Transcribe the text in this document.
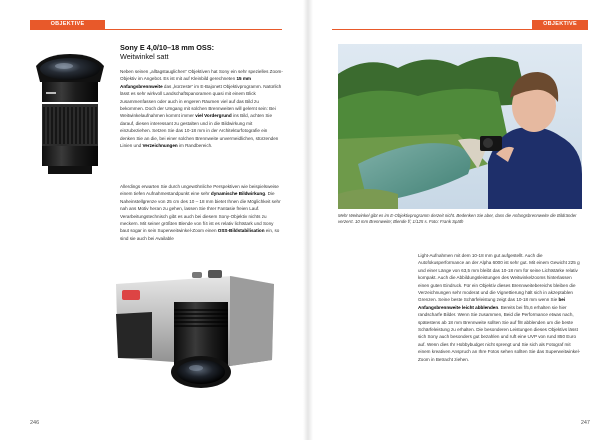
OBJEKTIVE
Sony E 4,0/10–18 mm OSS:
Weitwinkel satt

Neben seinen „alltagstauglichen“ Objektiven hat Sony ein sehr spezielles Zoom-Objektiv im Angebot. Es ist mit auf Kleinbild gerechneten 15 mm Anfangsbrennweite das „kürzeste“ im E-Bajonett Objektivprogramm. Natürlich lässt es sehr wirkvoll Landschaftspanoramen quasi mit einem Blick zusammenfassen oder auch in engeren Räumen viel auf das Bild zu bekommen. Doch der Umgang mit solchen Brennweiten will gelernt sein: Bei Weitwinkelaufnahmen kommt immer viel Vordergrund ins Bild, achten Sie darauf, diesen interessant zu gestalten und in die Bildwirkung mit einzubeziehen. Setzen Sie das 10-18 mm in der Architekturfotografie ein denken Sie an die, bei einer solchen Brennweite unvermeidlichen, stürzenden Linien und Verzeichnungen im Randbereich.

Allerdings erwarten Sie durch ungewöhnliche Perspektiven wie beispielsweise einem tiefen Aufnahmestandpunkt eine sehr dynamische Bildwirkung. Die Naheinstellgrenze von 25 cm des 10 – 18 mm bietet Ihnen die Möglichkeit sehr nah ans Motiv heran zu gehen, lassen Sie Ihrer Fantasie freien Lauf. Verarbeitungstechnisch gibt es auch bei diesem Sony-Objektiv nichts zu meckern. Mit seiner größten Blende von f/4 ist es relativ lichtstark und Sony baut sogar in sein Superweitwinkel-Zoom einen OSS-Bildstabilisation ein, so sind sie auch bei Available

246
OBJEKTIVE
247
Mehr Weitwinkel gibt es im E-Objektivprogramm derzeit nicht. Bedenken Sie aber, dass die Anfangsbrennweite die Bildränder verzerrt. 10 mm Brennweite; Blende f/; 1/125 s. Foto: Frank Späth

Light-Aufnahmen mit dem 10-18 mm gut aufgestellt. Auch die Autofokusperformance an der Alpha 6000 ist sehr gut. Mit einem Gewicht 225 g und einer Länge von 63,5 mm bleibt das 10-18 mm für seine Lichtstärke relativ kompakt. Auch die Abbildungsleistungen des Weitwinkelzooms hinterlassen einen guten Eindruck. Für ein Objektiv dieses Brennweitebereichs bleiben die Verzeichnungen sehr moderat und die Vignettierung hält sich in akzeptablen Grenzen. Seine beste Schärfeleistung zeigt das 10-18 mm wenn Sie bei Anfangsbrennweite leicht abblenden. Bereits bei f/5,6 erhalten sie hier randscharfe Bilder. Wenn Sie zusammen, Beid die Performance etwas nach, spätestens ab 18 mm Brennweite sollten Sie auf f/8 abblenden um die beste Schärfeleistung zu erhalten. Die besonderen Leistungen dieses Objektivs lässt sich Sony auch besonders gut bezahlen und ruft eine UVP von rund 850 Euro auf. Wenn dies Ihr Hobbybudget nicht sprengt und Sie sich als Fotograf mit einem kreativen Anspruch an Ihre Fotos sehen sollten Sie das Superweitwinkel-Zoom in Betracht ziehen.
